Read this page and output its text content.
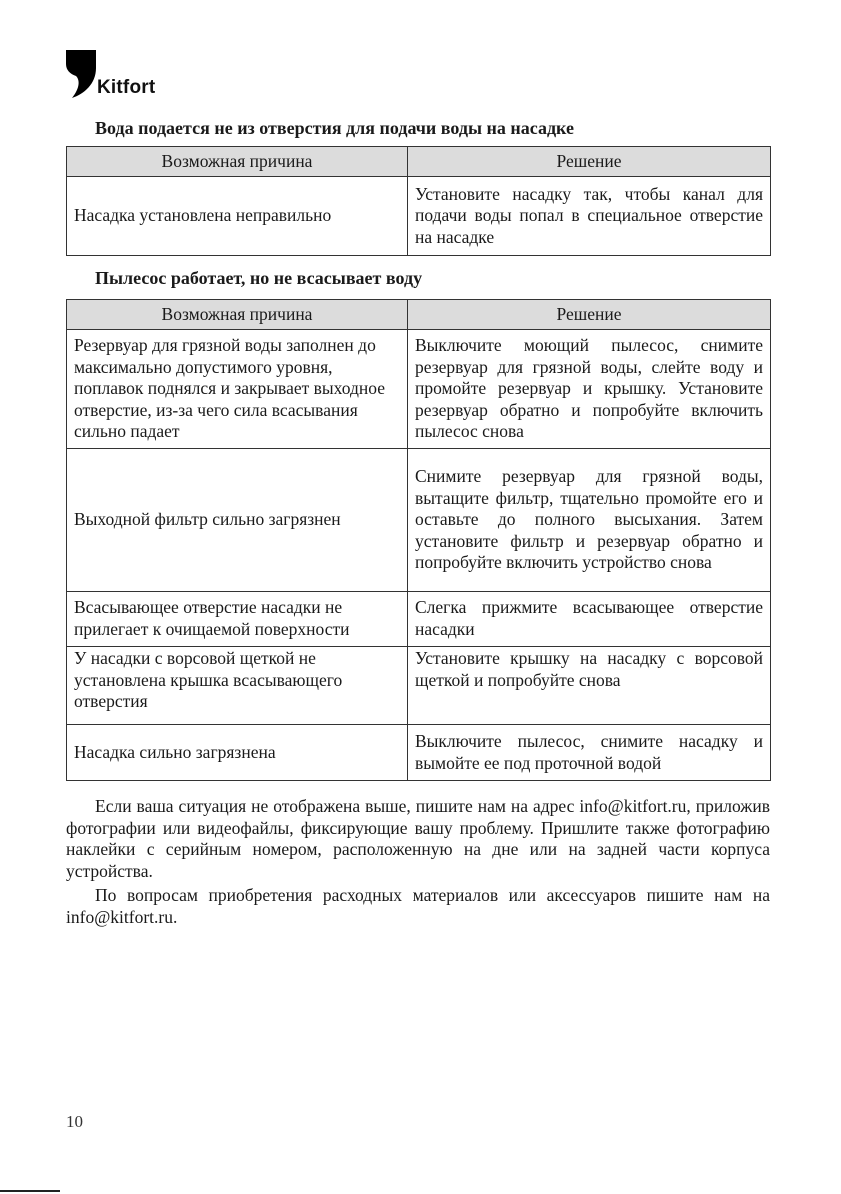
Kitfort
Вода подается не из отверстия для подачи воды на насадке
Возможная причина	Решение
Насадка установлена неправильно	Установите насадку так, чтобы канал для подачи воды попал в специальное отверстие на насадке
Пылесос работает, но не всасывает воду
Возможная причина	Решение
Резервуар для грязной воды заполнен до максимально допустимого уровня, поплавок поднялся и закрывает выходное отверстие, из-за чего сила всасывания сильно падает	Выключите моющий пылесос, снимите резервуар для грязной воды, слейте воду и промойте резервуар и крышку. Установите резервуар обратно и попробуйте включить пылесос снова
Выходной фильтр сильно загрязнен	Снимите резервуар для грязной воды, вытащите фильтр, тщательно промойте его и оставьте до полного высыхания. Затем установите фильтр и резервуар обратно и попробуйте включить устройство снова
Всасывающее отверстие насадки не прилегает к очищаемой поверхности	Слегка прижмите всасывающее отверстие насадки
У насадки с ворсовой щеткой не установлена крышка всасывающего отверстия	Установите крышку на насадку с ворсовой щеткой и попробуйте снова
Насадка сильно загрязнена	Выключите пылесос, снимите насадку и вымойте ее под проточной водой

Если ваша ситуация не отображена выше, пишите нам на адрес info@kitfort.ru, приложив фотографии или видеофайлы, фиксирующие вашу проблему. Пришлите также фотографию наклейки с серийным номером, расположенную на дне или на задней части корпуса устройства.

По вопросам приобретения расходных материалов или аксессуаров пишите нам на info@kitfort.ru.

10
